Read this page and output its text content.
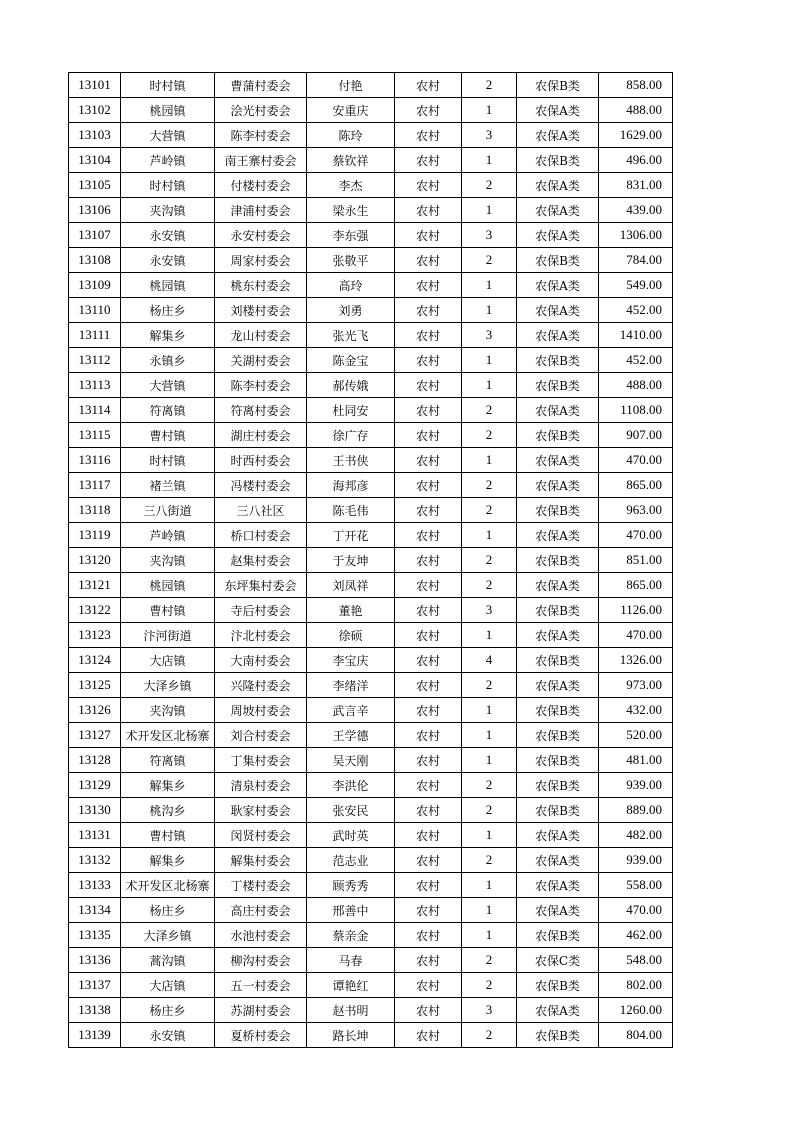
13101	时村镇	曹蒲村委会	付艳	农村	2	农保B类	858.00
13102	桃园镇	浍光村委会	安重庆	农村	1	农保A类	488.00
13103	大营镇	陈李村委会	陈玲	农村	3	农保A类	1629.00
13104	芦岭镇	南王寨村委会	蔡钦祥	农村	1	农保B类	496.00
13105	时村镇	付楼村委会	李杰	农村	2	农保A类	831.00
13106	夹沟镇	津浦村委会	梁永生	农村	1	农保A类	439.00
13107	永安镇	永安村委会	李东强	农村	3	农保A类	1306.00
13108	永安镇	周家村委会	张敬平	农村	2	农保B类	784.00
13109	桃园镇	桃东村委会	高玲	农村	1	农保A类	549.00
13110	杨庄乡	刘楼村委会	刘勇	农村	1	农保A类	452.00
13111	解集乡	龙山村委会	张光飞	农村	3	农保A类	1410.00
13112	永镇乡	关湖村委会	陈金宝	农村	1	农保B类	452.00
13113	大营镇	陈李村委会	郝传娥	农村	1	农保B类	488.00
13114	符离镇	符离村委会	杜同安	农村	2	农保A类	1108.00
13115	曹村镇	湖庄村委会	徐广存	农村	2	农保B类	907.00
13116	时村镇	时西村委会	王书侠	农村	1	农保A类	470.00
13117	褚兰镇	冯楼村委会	海邦彦	农村	2	农保A类	865.00
13118	三八街道	三八社区	陈毛伟	农村	2	农保B类	963.00
13119	芦岭镇	桥口村委会	丁开花	农村	1	农保A类	470.00
13120	夹沟镇	赵集村委会	于友坤	农村	2	农保B类	851.00
13121	桃园镇	东坪集村委会	刘凤祥	农村	2	农保A类	865.00
13122	曹村镇	寺后村委会	董艳	农村	3	农保B类	1126.00
13123	汴河街道	汴北村委会	徐硕	农村	1	农保A类	470.00
13124	大店镇	大南村委会	李宝庆	农村	4	农保B类	1326.00
13125	大泽乡镇	兴隆村委会	李绪洋	农村	2	农保A类	973.00
13126	夹沟镇	周坡村委会	武言辛	农村	1	农保B类	432.00
13127	术开发区北杨寨	刘合村委会	王学德	农村	1	农保B类	520.00
13128	符离镇	丁集村委会	吴天刚	农村	1	农保B类	481.00
13129	解集乡	清泉村委会	李洪伦	农村	2	农保B类	939.00
13130	桃沟乡	耿家村委会	张安民	农村	2	农保B类	889.00
13131	曹村镇	闵贤村委会	武时英	农村	1	农保A类	482.00
13132	解集乡	解集村委会	范志业	农村	2	农保A类	939.00
13133	术开发区北杨寨	丁楼村委会	顾秀秀	农村	1	农保A类	558.00
13134	杨庄乡	高庄村委会	邢善中	农村	1	农保A类	470.00
13135	大泽乡镇	水池村委会	蔡亲金	农村	1	农保B类	462.00
13136	蒿沟镇	柳沟村委会	马春	农村	2	农保C类	548.00
13137	大店镇	五一村委会	谭艳红	农村	2	农保B类	802.00
13138	杨庄乡	苏湖村委会	赵书明	农村	3	农保A类	1260.00
13139	永安镇	夏桥村委会	路长坤	农村	2	农保B类	804.00
